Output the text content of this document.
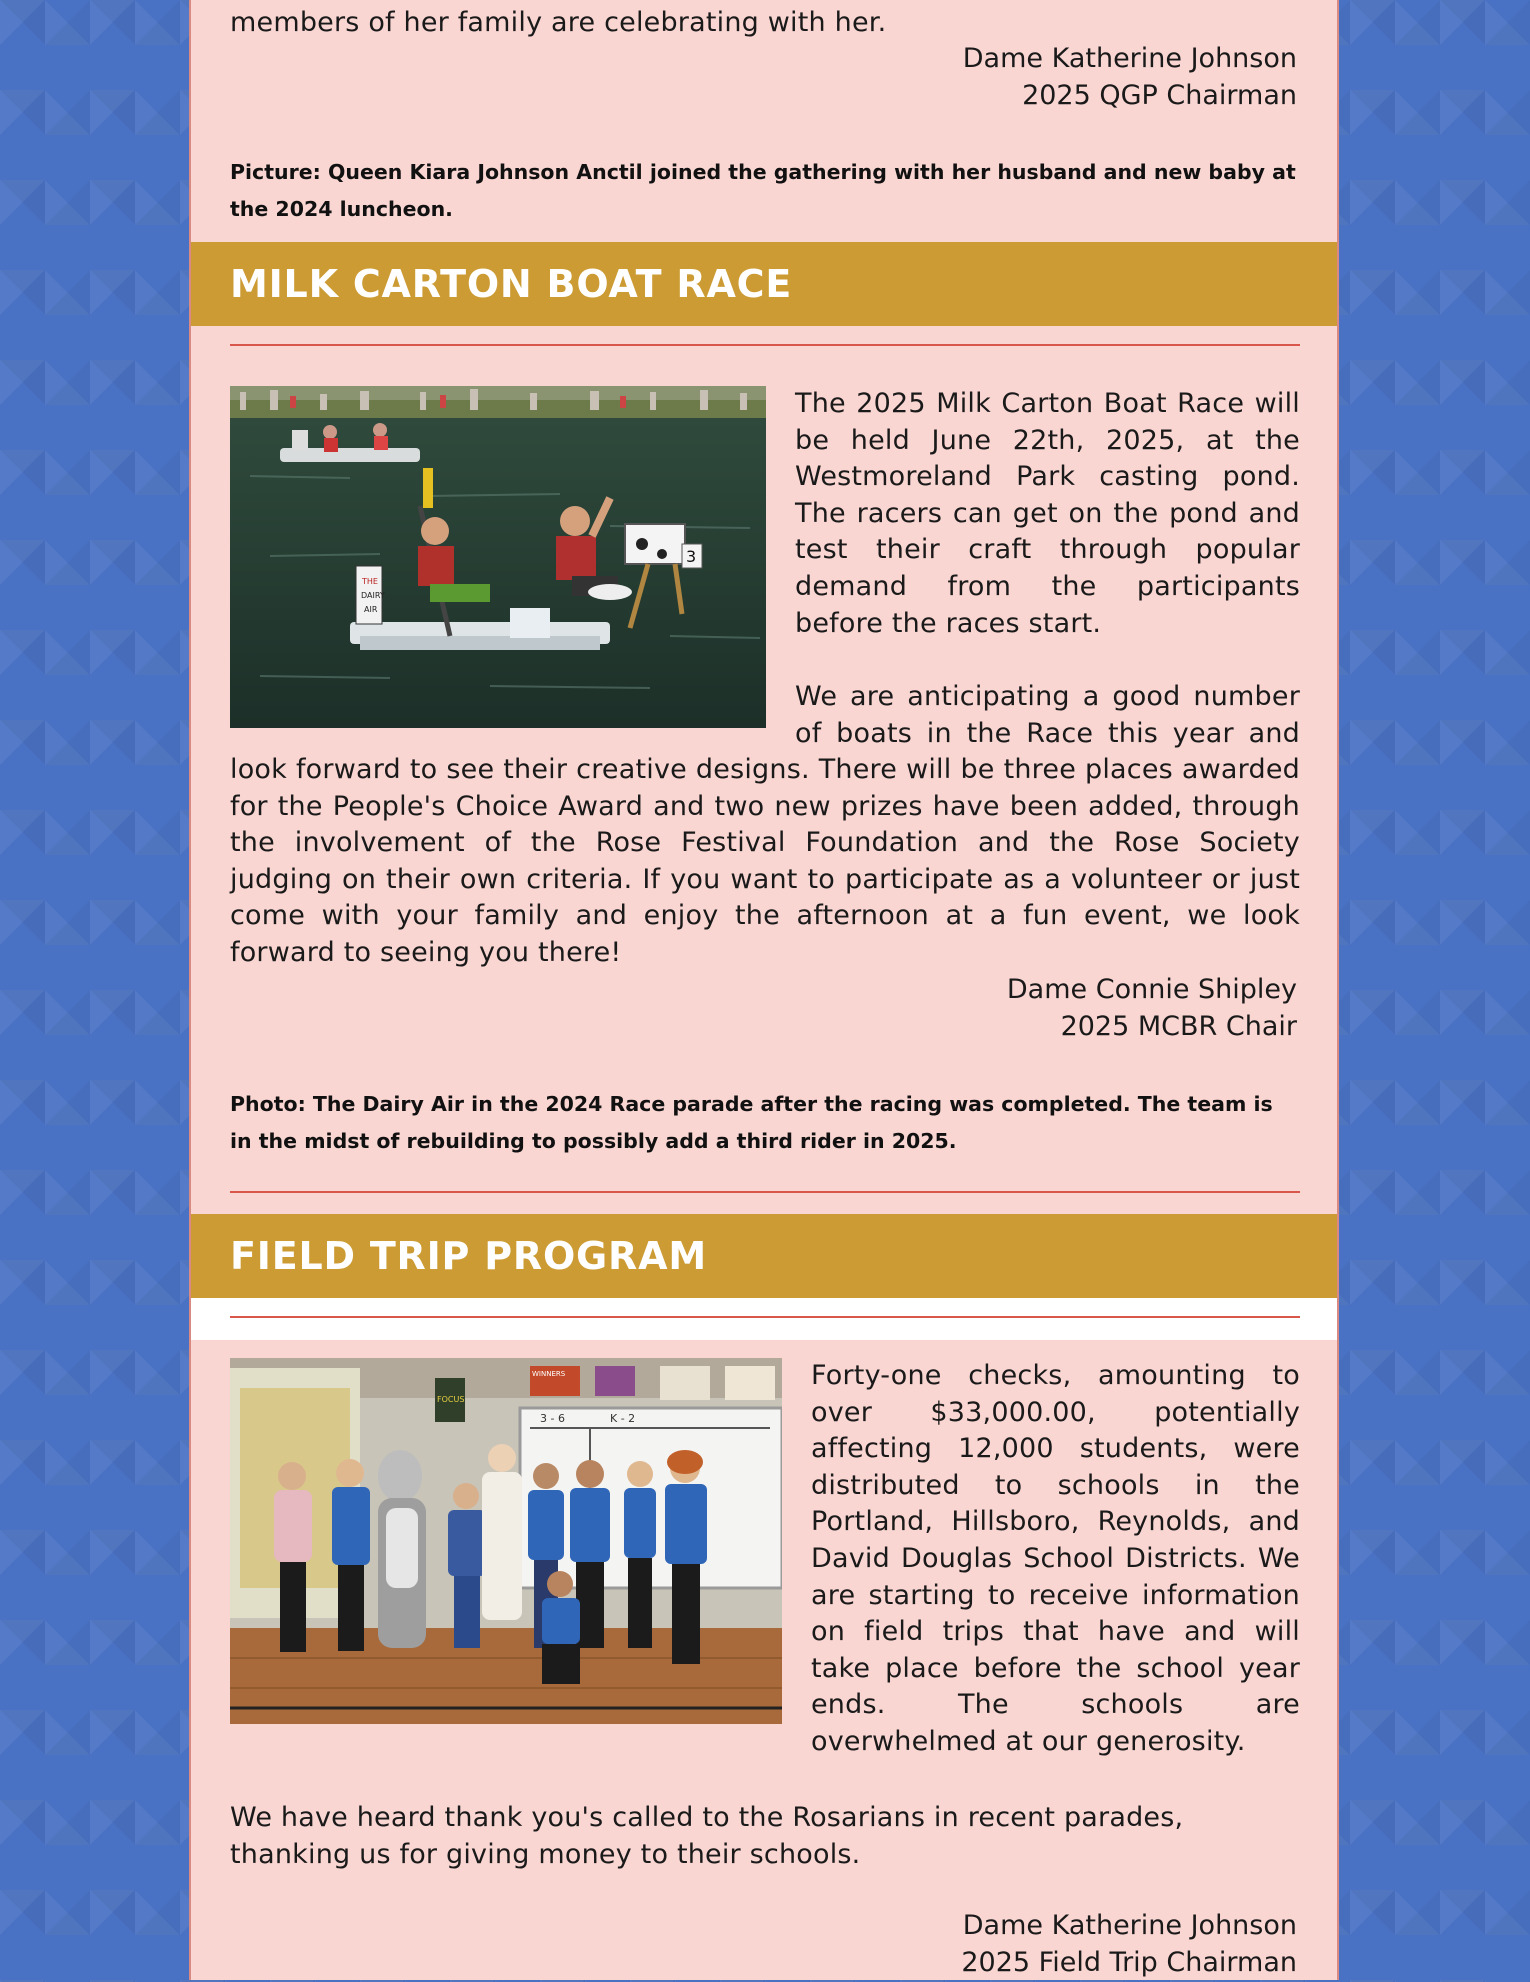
members of her family are celebrating with her.
Dame Katherine Johnson
2025 QGP Chairman
Picture: Queen Kiara Johnson Anctil joined the gathering with her husband and new baby at the 2024 luncheon.
MILK CARTON BOAT RACE
THE
DAIRY
AIR
3
The 2025 Milk Carton Boat Race will be held June 22th, 2025, at the Westmoreland Park casting pond. The racers can get on the pond and test their craft through popular demand from the participants before the races start.
We are anticipating a good number of boats in the Race this year and
look forward to see their creative designs. There will be three places awarded for the People's Choice Award and two new prizes have been added, through the involvement of the Rose Festival Foundation and the Rose Society judging on their own criteria. If you want to participate as a volunteer or just come with your family and enjoy the afternoon at a fun event, we look forward to seeing you there!
Dame Connie Shipley
2025 MCBR Chair
Photo: The Dairy Air in the 2024 Race parade after the racing was completed. The team is in the midst of rebuilding to possibly add a third rider in 2025.
FIELD TRIP PROGRAM
3 - 6	K - 2
FOCUS
WINNERS	Forty-one checks, amounting to over $33,000.00, potentially affecting 12,000 students, were distributed to schools in the Portland, Hillsboro, Reynolds, and David Douglas School Districts. We are starting to receive information on field trips that have and will take place before the school year ends. The schools are overwhelmed at our generosity.
We have heard thank you's called to the Rosarians in recent parades, thanking us for giving money to their schools.
Dame Katherine Johnson
2025 Field Trip Chairman
